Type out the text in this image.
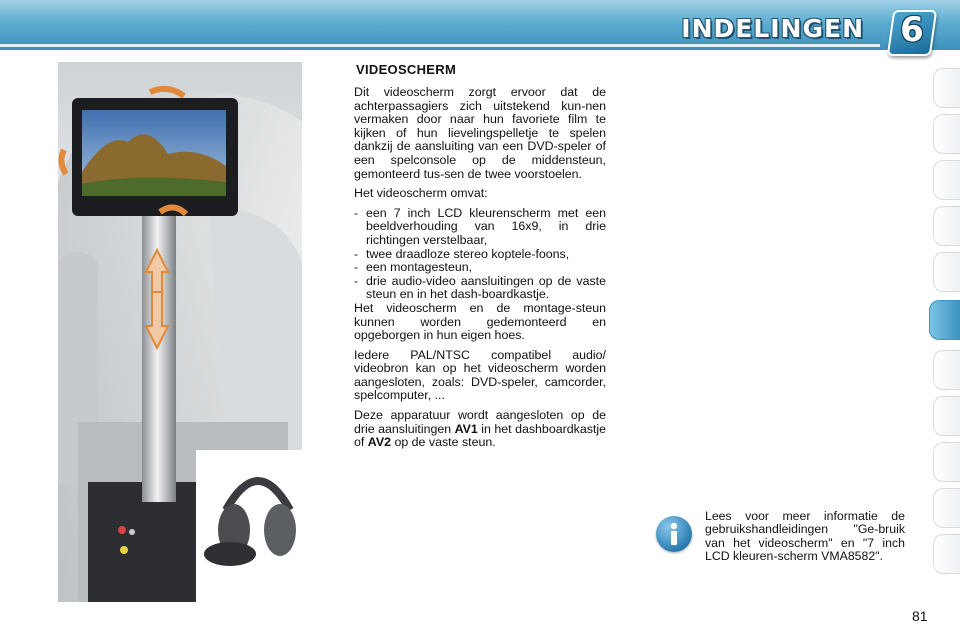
INDELINGEN 6
VIDEOSCHERM

Dit videoscherm zorgt ervoor dat de achterpassagiers zich uitstekend kun-nen vermaken door naar hun favoriete film te kijken of hun lievelingspelletje te spelen dankzij de aansluiting van een DVD-speler of een spelconsole op de middensteun, gemonteerd tus-sen de twee voorstoelen.

Het videoscherm omvat:

- een 7 inch LCD kleurenscherm met een beeldverhouding van 16x9, in drie richtingen verstelbaar,
- twee draadloze stereo koptele-foons,
- een montagesteun,
- drie audio-video aansluitingen op de vaste steun en in het dash-boardkastje.

Het videoscherm en de montage-steun kunnen worden gedemonteerd en opgeborgen in hun eigen hoes.

Iedere PAL/NTSC compatibel audio/ videobron kan op het videoscherm worden aangesloten, zoals: DVD-speler, camcorder, spelcomputer, ...

Deze apparatuur wordt aangesloten op de drie aansluitingen AV1 in het dashboardkastje of AV2 op de vaste steun.

Lees voor meer informatie de gebruikshandleidingen "Ge-bruik van het videoscherm" en "7 inch LCD kleuren-scherm VMA8582".
81
